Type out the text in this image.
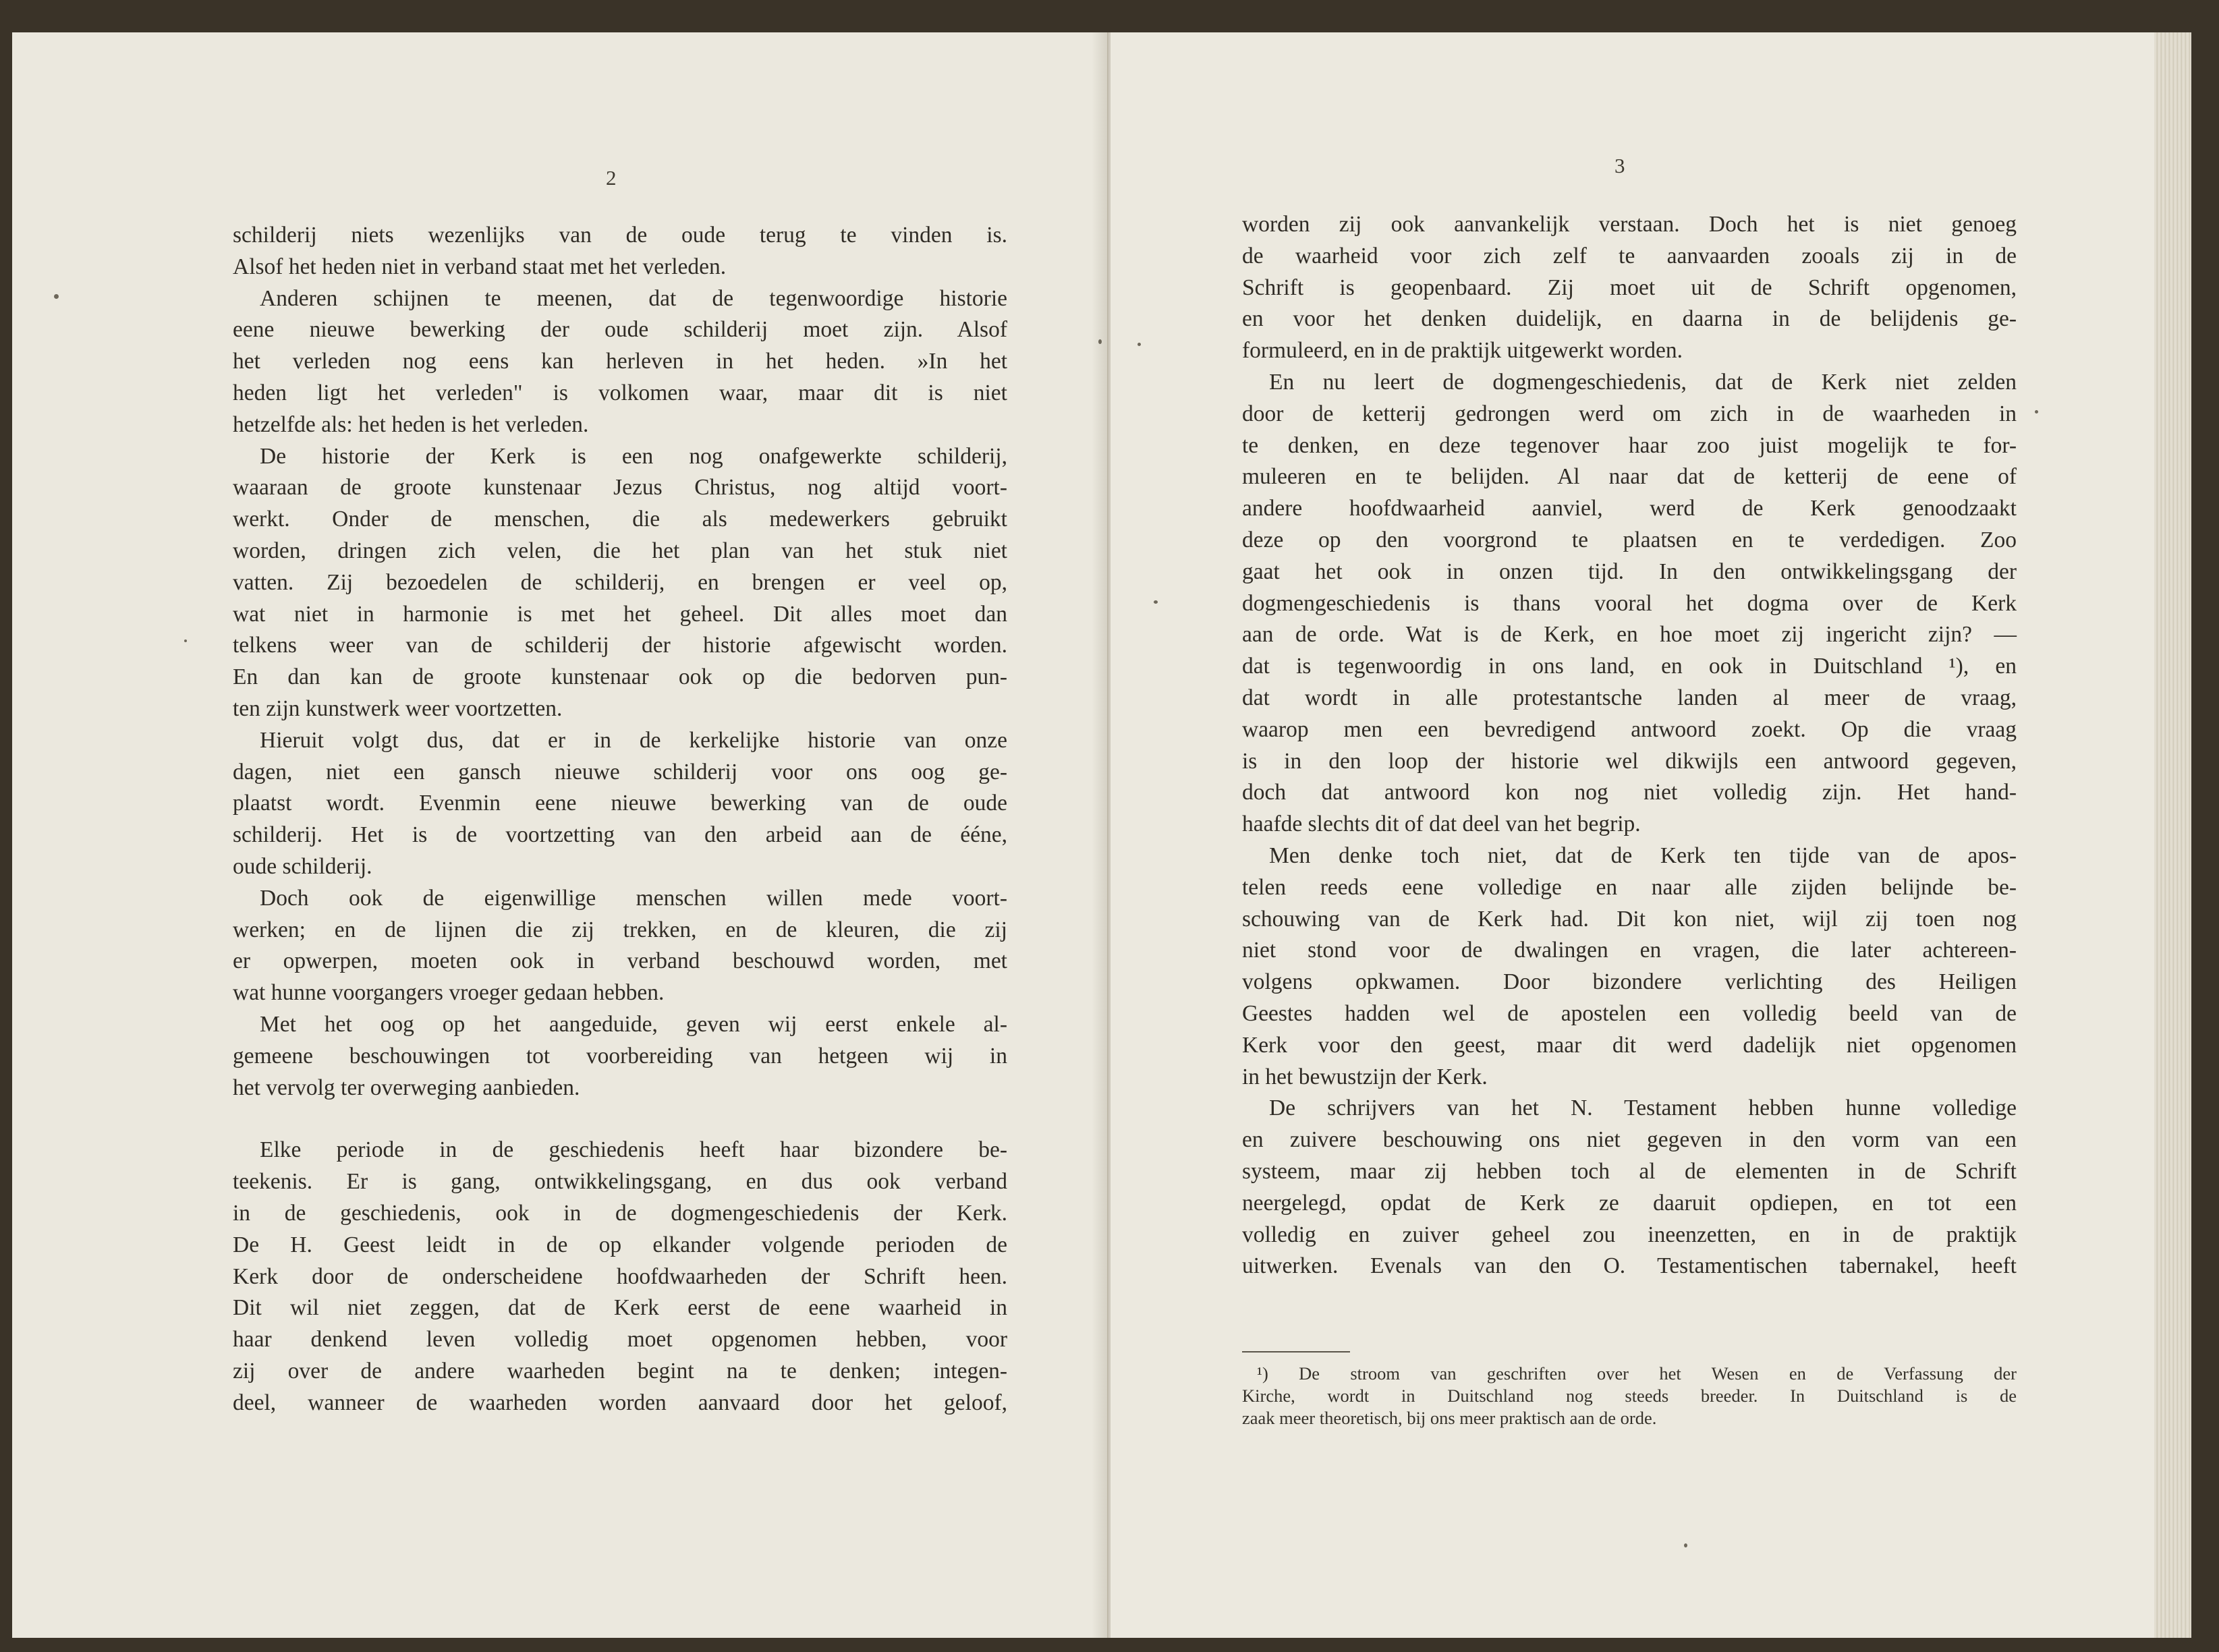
2
schilderij niets wezenlijks van de oude terug te vinden is.
Alsof het heden niet in verband staat met het verleden.
Anderen schijnen te meenen, dat de tegenwoordige historie
eene nieuwe bewerking der oude schilderij moet zijn. Alsof
het verleden nog eens kan herleven in het heden. »In het
heden ligt het verleden" is volkomen waar, maar dit is niet
hetzelfde als: het heden is het verleden.
De historie der Kerk is een nog onafgewerkte schilderij,
waaraan de groote kunstenaar Jezus Christus, nog altijd voort-
werkt. Onder de menschen, die als medewerkers gebruikt
worden, dringen zich velen, die het plan van het stuk niet
vatten. Zij bezoedelen de schilderij, en brengen er veel op,
wat niet in harmonie is met het geheel. Dit alles moet dan
telkens weer van de schilderij der historie afgewischt worden.
En dan kan de groote kunstenaar ook op die bedorven pun-
ten zijn kunstwerk weer voortzetten.
Hieruit volgt dus, dat er in de kerkelijke historie van onze
dagen, niet een gansch nieuwe schilderij voor ons oog ge-
plaatst wordt. Evenmin eene nieuwe bewerking van de oude
schilderij. Het is de voortzetting van den arbeid aan de ééne,
oude schilderij.
Doch ook de eigenwillige menschen willen mede voort-
werken; en de lijnen die zij trekken, en de kleuren, die zij
er opwerpen, moeten ook in verband beschouwd worden, met
wat hunne voorgangers vroeger gedaan hebben.
Met het oog op het aangeduide, geven wij eerst enkele al-
gemeene beschouwingen tot voorbereiding van hetgeen wij in
het vervolg ter overweging aanbieden.
Elke periode in de geschiedenis heeft haar bizondere be-
teekenis. Er is gang, ontwikkelingsgang, en dus ook verband
in de geschiedenis, ook in de dogmengeschiedenis der Kerk.
De H. Geest leidt in de op elkander volgende perioden de
Kerk door de onderscheidene hoofdwaarheden der Schrift heen.
Dit wil niet zeggen, dat de Kerk eerst de eene waarheid in
haar denkend leven volledig moet opgenomen hebben, voor
zij over de andere waarheden begint na te denken; integen-
deel, wanneer de waarheden worden aanvaard door het geloof,
3
worden zij ook aanvankelijk verstaan. Doch het is niet genoeg
de waarheid voor zich zelf te aanvaarden zooals zij in de
Schrift is geopenbaard. Zij moet uit de Schrift opgenomen,
en voor het denken duidelijk, en daarna in de belijdenis ge-
formuleerd, en in de praktijk uitgewerkt worden.
En nu leert de dogmengeschiedenis, dat de Kerk niet zelden
door de ketterij gedrongen werd om zich in de waarheden in
te denken, en deze tegenover haar zoo juist mogelijk te for-
muleeren en te belijden. Al naar dat de ketterij de eene of
andere hoofdwaarheid aanviel, werd de Kerk genoodzaakt
deze op den voorgrond te plaatsen en te verdedigen. Zoo
gaat het ook in onzen tijd. In den ontwikkelingsgang der
dogmengeschiedenis is thans vooral het dogma over de Kerk
aan de orde. Wat is de Kerk, en hoe moet zij ingericht zijn? —
dat is tegenwoordig in ons land, en ook in Duitschland ¹), en
dat wordt in alle protestantsche landen al meer de vraag,
waarop men een bevredigend antwoord zoekt. Op die vraag
is in den loop der historie wel dikwijls een antwoord gegeven,
doch dat antwoord kon nog niet volledig zijn. Het hand-
haafde slechts dit of dat deel van het begrip.
Men denke toch niet, dat de Kerk ten tijde van de apos-
telen reeds eene volledige en naar alle zijden belijnde be-
schouwing van de Kerk had. Dit kon niet, wijl zij toen nog
niet stond voor de dwalingen en vragen, die later achtereen-
volgens opkwamen. Door bizondere verlichting des Heiligen
Geestes hadden wel de apostelen een volledig beeld van de
Kerk voor den geest, maar dit werd dadelijk niet opgenomen
in het bewustzijn der Kerk.
De schrijvers van het N. Testament hebben hunne volledige
en zuivere beschouwing ons niet gegeven in den vorm van een
systeem, maar zij hebben toch al de elementen in de Schrift
neergelegd, opdat de Kerk ze daaruit opdiepen, en tot een
volledig en zuiver geheel zou ineenzetten, en in de praktijk
uitwerken. Evenals van den O. Testamentischen tabernakel, heeft
¹) De stroom van geschriften over het Wesen en de Verfassung der
Kirche, wordt in Duitschland nog steeds breeder. In Duitschland is de
zaak meer theoretisch, bij ons meer praktisch aan de orde.
